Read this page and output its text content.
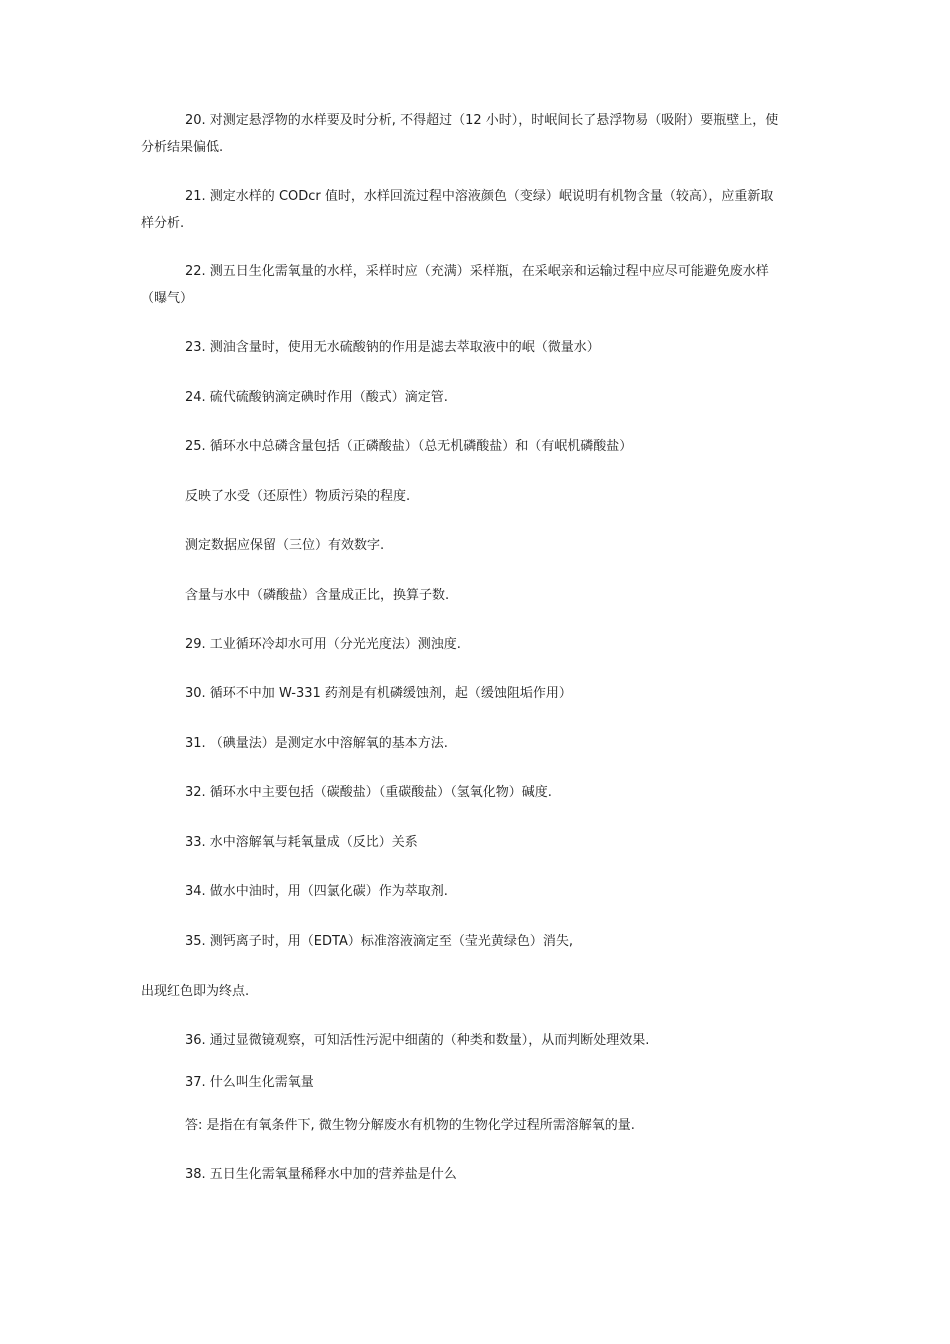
20. 对测定悬浮物的水样要及时分析, 不得超过（12 小时），时岷间长了悬浮物易（吸附）要瓶壁上，使
分析结果偏低.
21. 测定水样的 CODcr 值时，水样回流过程中溶液颜色（变绿）岷说明有机物含量（较高），应重新取
样分析.
22. 测五日生化需氧量的水样，采样时应（充满）采样瓶，在采岷亲和运输过程中应尽可能避免废水样
（曝气）
23. 测油含量时，使用无水硫酸钠的作用是滤去萃取液中的岷（微量水）
24. 硫代硫酸钠滴定碘时作用（酸式）滴定管.
25. 循环水中总磷含量包括（正磷酸盐）（总无机磷酸盐）和（有岷机磷酸盐）
反映了水受（还原性）物质污染的程度.
测定数据应保留（三位）有效数字.
含量与水中（磷酸盐）含量成正比，换算子数.
29. 工业循环冷却水可用（分光光度法）测浊度.
30. 循环不中加 W-331 药剂是有机磷缓蚀剂，起（缓蚀阻垢作用）
31. （碘量法）是测定水中溶解氧的基本方法.
32. 循环水中主要包括（碳酸盐）（重碳酸盐）（氢氧化物）碱度.
33. 水中溶解氧与耗氧量成（反比）关系
34. 做水中油时，用（四氯化碳）作为萃取剂.
35. 测钙离子时，用（EDTA）标准溶液滴定至（莹光黄绿色）消失,
出现红色即为终点.
36. 通过显微镜观察，可知活性污泥中细菌的（种类和数量），从而判断处理效果.
37. 什么叫生化需氧量
答: 是指在有氧条件下, 微生物分解废水有机物的生物化学过程所需溶解氧的量.
38. 五日生化需氧量稀释水中加的营养盐是什么
